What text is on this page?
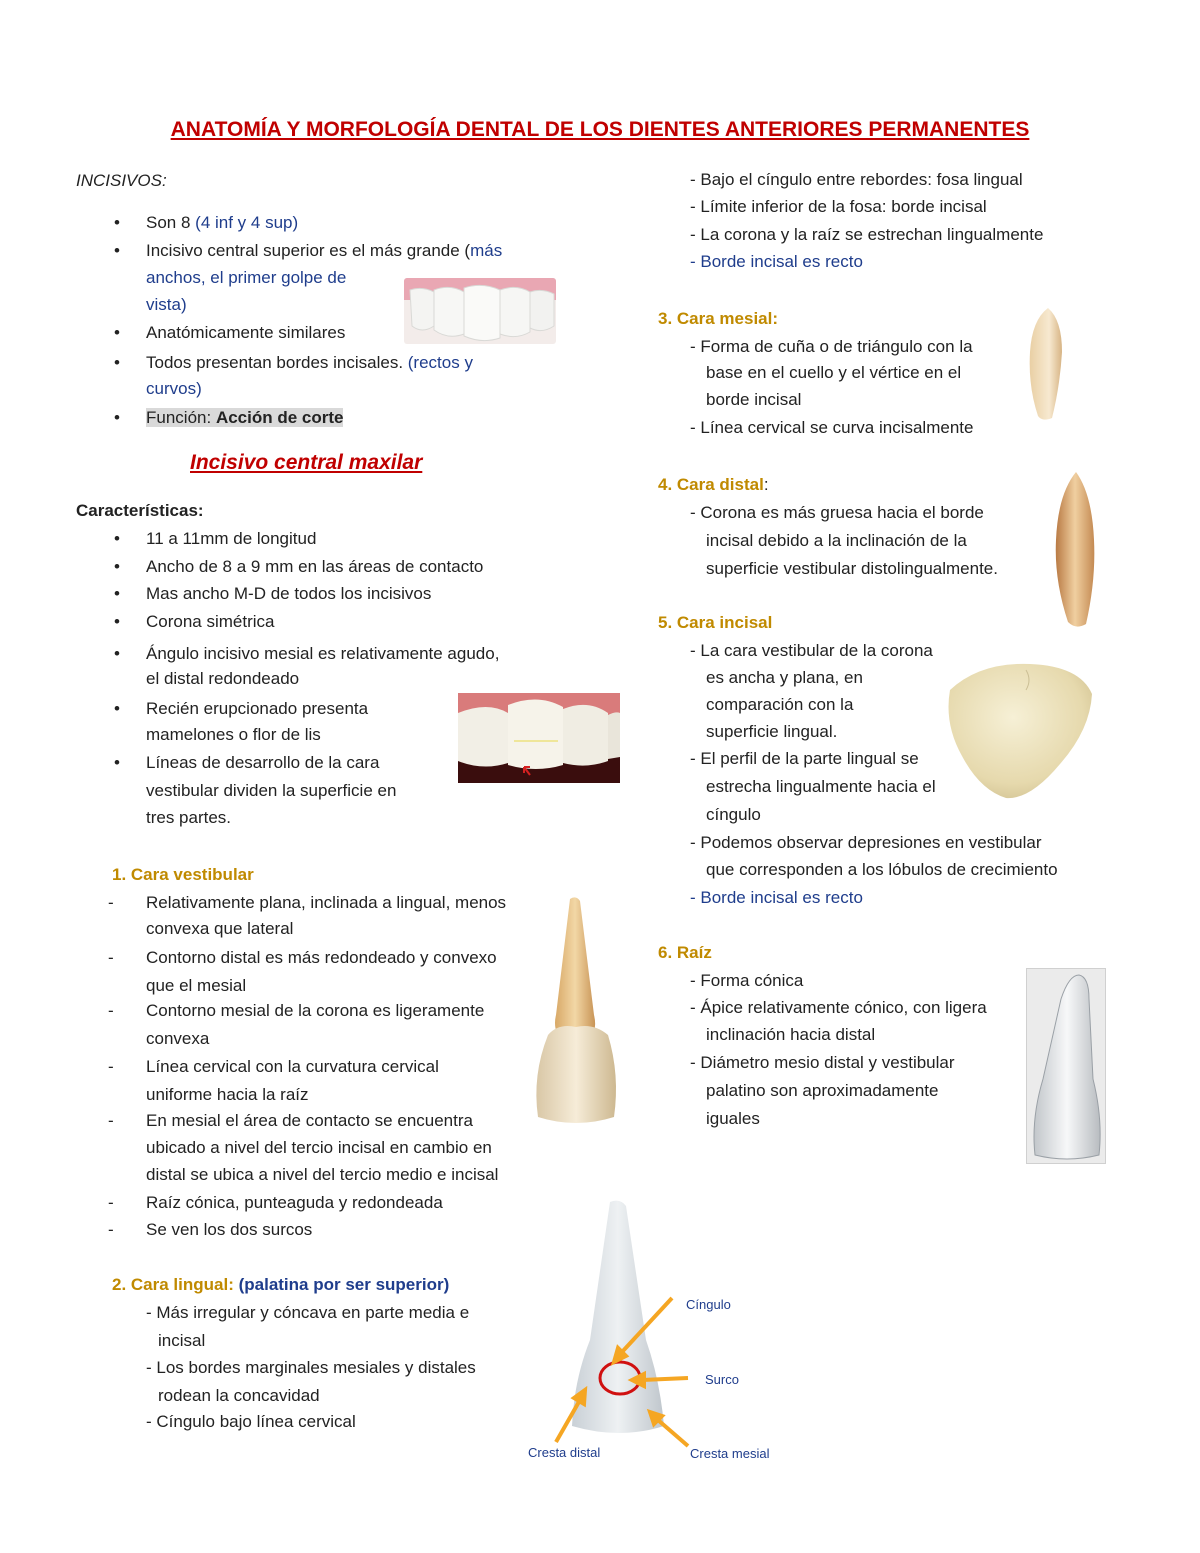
ANATOMÍA Y MORFOLOGÍA DENTAL DE LOS DIENTES ANTERIORES PERMANENTES
INCISIVOS:
• Son 8 (4 inf y 4 sup)
• Incisivo central superior es el más grande (más
anchos, el primer golpe de
vista)
• Anatómicamente similares
• Todos presentan bordes incisales. (rectos y
curvos)
• Función: Acción de corte
Incisivo central maxilar
Características:
• 11 a 11mm de longitud
• Ancho de 8 a 9 mm en las áreas de contacto
• Mas ancho M-D de todos los incisivos
• Corona simétrica
• Ángulo incisivo mesial es relativamente agudo,
el distal redondeado
• Recién erupcionado presenta
mamelones o flor de lis
• Líneas de desarrollo de la cara
vestibular dividen la superficie en
tres partes.
1. Cara vestibular
- Relativamente plana, inclinada a lingual, menos
convexa que lateral
- Contorno distal es más redondeado y convexo
que el mesial
- Contorno mesial de la corona es ligeramente
convexa
- Línea cervical con la curvatura cervical
uniforme hacia la raíz
- En mesial el área de contacto se encuentra
ubicado a nivel del tercio incisal en cambio en
distal se ubica a nivel del tercio medio e incisal
- Raíz cónica, punteaguda y redondeada
- Se ven los dos surcos
2. Cara lingual: (palatina por ser superior)
- Más irregular y cóncava en parte media e
incisal
- Los bordes marginales mesiales y distales
rodean la concavidad
- Cíngulo bajo línea cervical
Cíngulo
Surco
Cresta distal	Cresta mesial
- Bajo el cíngulo entre rebordes: fosa lingual
- Límite inferior de la fosa: borde incisal
- La corona y la raíz se estrechan lingualmente
- Borde incisal es recto
3. Cara mesial:
- Forma de cuña o de triángulo con la
base en el cuello y el vértice en el
borde incisal
- Línea cervical se curva incisalmente
4. Cara distal:
- Corona es más gruesa hacia el borde
incisal debido a la inclinación de la
superficie vestibular distolingualmente.
5. Cara incisal
- La cara vestibular de la corona
es ancha y plana, en
comparación con la
superficie lingual.
- El perfil de la parte lingual se
estrecha lingualmente hacia el
cíngulo
- Podemos observar depresiones en vestibular
que corresponden a los lóbulos de crecimiento
- Borde incisal es recto
6. Raíz
- Forma cónica
- Ápice relativamente cónico, con ligera
inclinación hacia distal
- Diámetro mesio distal y vestibular
palatino son aproximadamente
iguales
